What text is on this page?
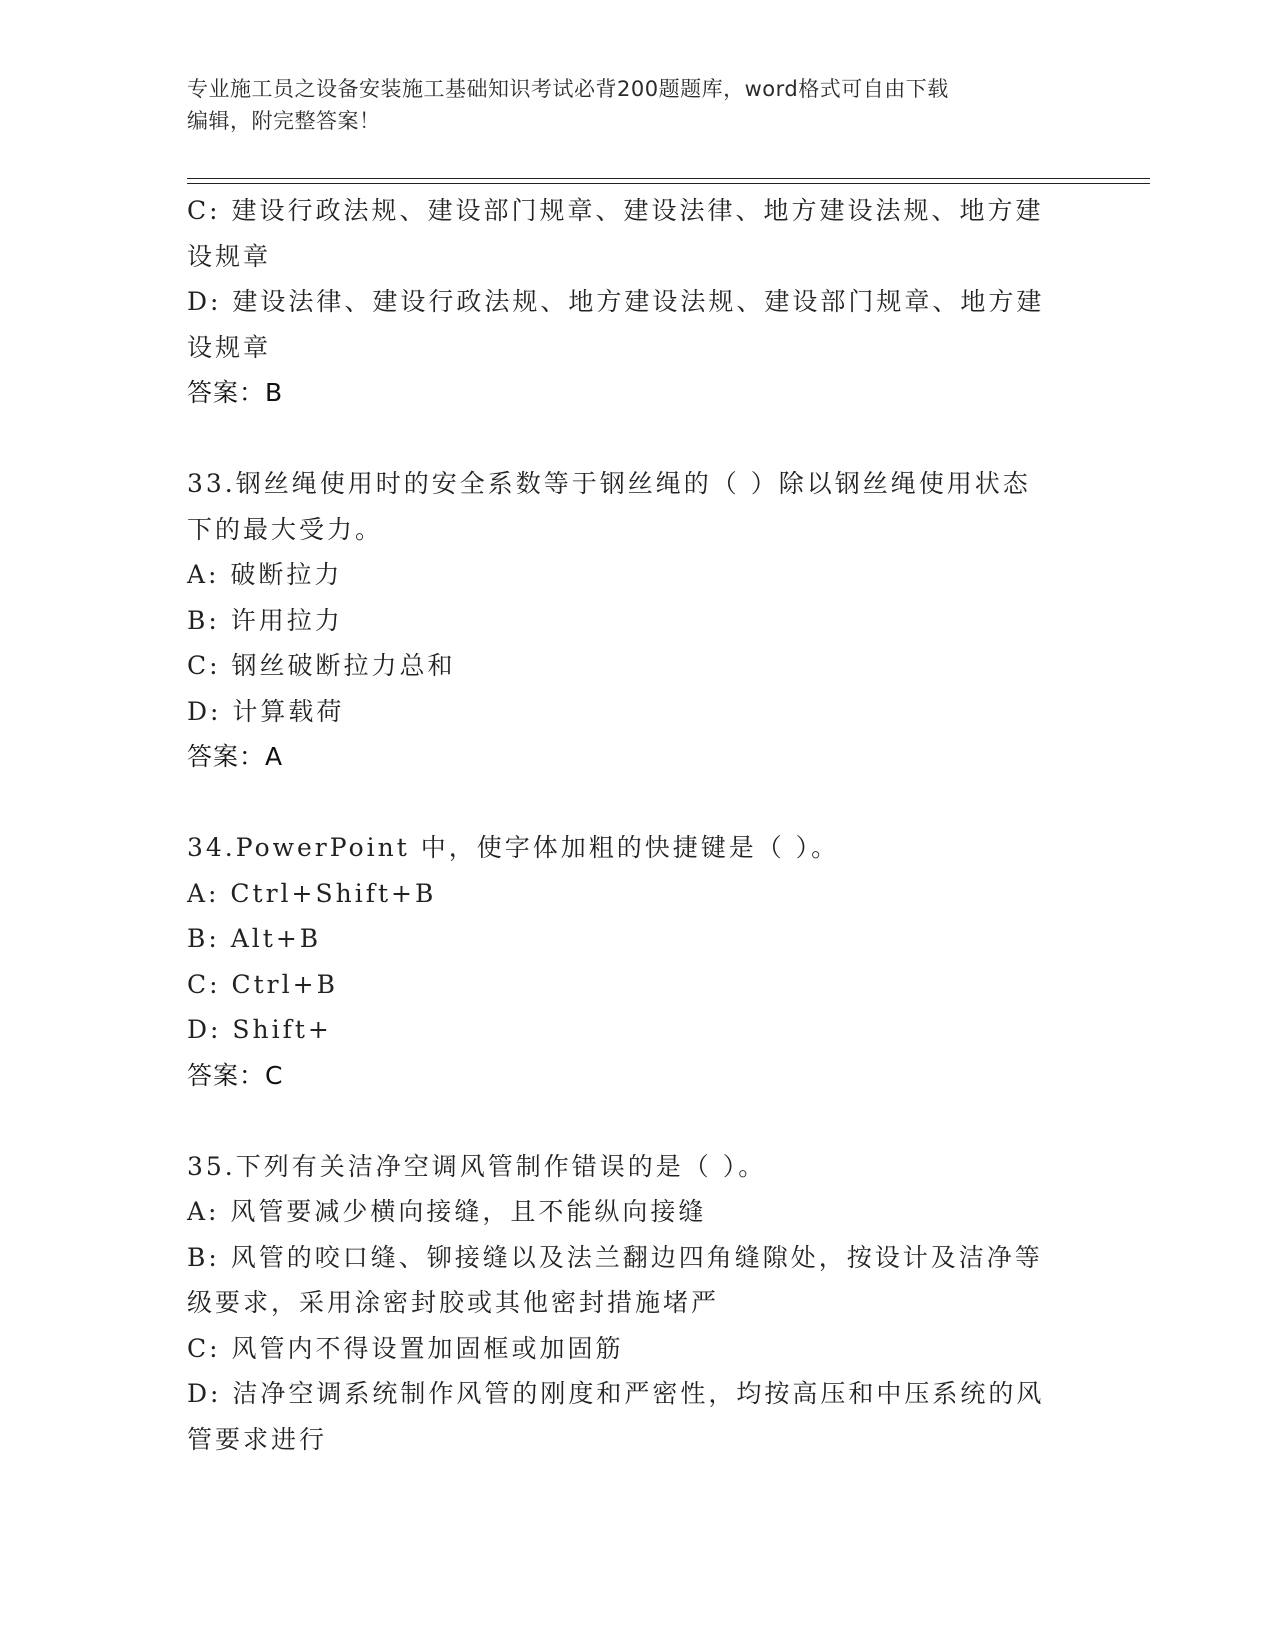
专业施工员之设备安装施工基础知识考试必背200题题库，word格式可自由下载
编辑，附完整答案！
C: 建设行政法规、建设部门规章、建设法律、地方建设法规、地方建
设规章
D: 建设法律、建设行政法规、地方建设法规、建设部门规章、地方建
设规章
答案：B
33.钢丝绳使用时的安全系数等于钢丝绳的（ ）除以钢丝绳使用状态
下的最大受力。
A: 破断拉力
B: 许用拉力
C: 钢丝破断拉力总和
D: 计算载荷
答案：A
34.PowerPoint 中，使字体加粗的快捷键是（ ）。
A: Ctrl+Shift+B
B: Alt+B
C: Ctrl+B
D: Shift+
答案：C
35.下列有关洁净空调风管制作错误的是（ ）。
A: 风管要减少横向接缝，且不能纵向接缝
B: 风管的咬口缝、铆接缝以及法兰翻边四角缝隙处，按设计及洁净等
级要求，采用涂密封胶或其他密封措施堵严
C: 风管内不得设置加固框或加固筋
D: 洁净空调系统制作风管的刚度和严密性，均按高压和中压系统的风
管要求进行
